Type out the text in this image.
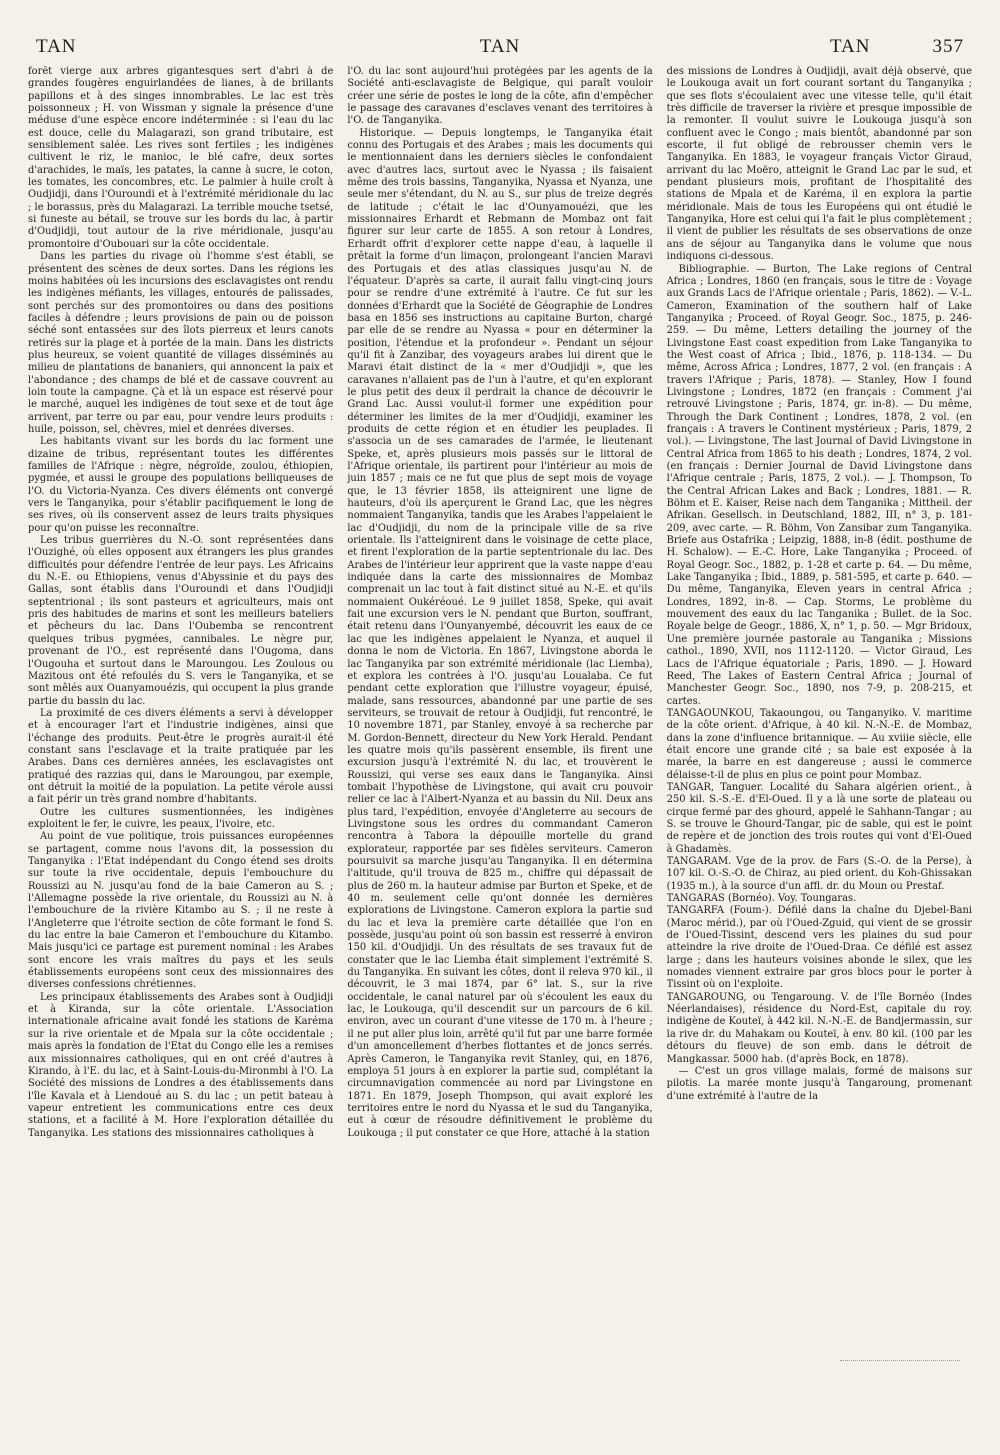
TAN	TAN	TAN	357

forêt vierge aux arbres gigantesques sert d'abri à de grandes fougères enguirlandées de lianes, à de brillants papillons et à des singes innombrables. Le lac est très poissonneux ; H. von Wissman y signale la présence d'une méduse d'une espèce encore indéterminée : si l'eau du lac est douce, celle du Malagarazi, son grand tributaire, est sensiblement salée. Les rives sont fertiles ; les indigènes cultivent le riz, le manioc, le blé cafre, deux sortes d'arachides, le maïs, les patates, la canne à sucre, le coton, les tomates, les concombres, etc. Le palmier à huile croît à Oudjidji, dans l'Ouroundi et à l'extrémité méridionale du lac ; le borassus, près du Malagarazi. La terrible mouche tsetsé, si funeste au bétail, se trouve sur les bords du lac, à partir d'Oudjidji, tout autour de la rive méridionale, jusqu'au promontoire d'Oubouari sur la côte occidentale.

Dans les parties du rivage où l'homme s'est établi, se présentent des scènes de deux sortes. Dans les régions les moins habitées où les incursions des esclavagistes ont rendu les indigènes méfiants, les villages, entourés de palissades, sont perchés sur des promontoires ou dans des positions faciles à défendre ; leurs provisions de pain ou de poisson séché sont entassées sur des îlots pierreux et leurs canots retirés sur la plage et à portée de la main. Dans les districts plus heureux, se voient quantité de villages disséminés au milieu de plantations de bananiers, qui annoncent la paix et l'abondance ; des champs de blé et de cassave couvrent au loin toute la campagne. Çà et là un espace est réservé pour le marché, auquel les indigènes de tout sexe et de tout âge arrivent, par terre ou par eau, pour vendre leurs produits : huile, poisson, sel, chèvres, miel et denrées diverses.

Les habitants vivant sur les bords du lac forment une dizaine de tribus, représentant toutes les différentes familles de l'Afrique : nègre, négroïde, zoulou, éthiopien, pygmée, et aussi le groupe des populations belliqueuses de l'O. du Victoria-Nyanza. Ces divers éléments ont convergé vers le Tanganyika, pour s'établir pacifiquement le long de ses rives, où ils conservent assez de leurs traits physiques pour qu'on puisse les reconnaître.

Les tribus guerrières du N.-O. sont représentées dans l'Ouzighé, où elles opposent aux étrangers les plus grandes difficultés pour défendre l'entrée de leur pays. Les Africains du N.-E. ou Ethiopiens, venus d'Abyssinie et du pays des Gallas, sont établis dans l'Ouroundi et dans l'Oudjidji septentrional ; ils sont pasteurs et agriculteurs, mais ont pris des habitudes de marins et sont les meilleurs bateliers et pêcheurs du lac. Dans l'Oubemba se rencontrent quelques tribus pygmées, cannibales. Le nègre pur, provenant de l'O., est représenté dans l'Ougoma, dans l'Ougouha et surtout dans le Maroungou. Les Zoulous ou Mazitous ont été refoulés du S. vers le Tanganyika, et se sont mêlés aux Ouanyamouézis, qui occupent la plus grande partie du bassin du lac.

La proximité de ces divers éléments a servi à développer et à encourager l'art et l'industrie indigènes, ainsi que l'échange des produits. Peut-être le progrès aurait-il été constant sans l'esclavage et la traite pratiquée par les Arabes. Dans ces dernières années, les esclavagistes ont pratiqué des razzias qui, dans le Maroungou, par exemple, ont détruit la moitié de la population. La petite vérole aussi a fait périr un très grand nombre d'habitants.

Outre les cultures susmentionnées, les indigènes exploitent le fer, le cuivre, les peaux, l'ivoire, etc.

Au point de vue politique, trois puissances européennes se partagent, comme nous l'avons dit, la possession du Tanganyika : l'Etat indépendant du Congo étend ses droits sur toute la rive occidentale, depuis l'embouchure du Roussizi au N. jusqu'au fond de la baie Cameron au S. ; l'Allemagne possède la rive orientale, du Roussizi au N. à l'embouchure de la rivière Kitambo au S. ; il ne reste à l'Angleterre que l'étroite section de côte formant le fond S. du lac entre la baie Cameron et l'embouchure du Kitambo. Mais jusqu'ici ce partage est purement nominal : les Arabes sont encore les vrais maîtres du pays et les seuls établissements européens sont ceux des missionnaires des diverses confessions chrétiennes.

Les principaux établissements des Arabes sont à Oudjidji et à Kiranda, sur la côte orientale. L'Association internationale africaine avait fondé les stations de Karéma sur la rive orientale et de Mpala sur la côte occidentale ; mais après la fondation de l'Etat du Congo elle les a remises aux missionnaires catholiques, qui en ont créé d'autres à Kirando, à l'E. du lac, et à Saint-Louis-du-Mironmbi à l'O. La Société des missions de Londres a des établissements dans l'île Kavala et à Liendoué au S. du lac ; un petit bateau à vapeur entretient les communications entre ces deux stations, et a facilité à M. Hore l'exploration détaillée du Tanganyika. Les stations des missionnaires catholiques à

l'O. du lac sont aujourd'hui protégées par les agents de la Société anti-esclavagiste de Belgique, qui paraît vouloir créer une série de postes le long de la côte, afin d'empêcher le passage des caravanes d'esclaves venant des territoires à l'O. de Tanganyika.

Historique. — Depuis longtemps, le Tanganyika était connu des Portugais et des Arabes ; mais les documents qui le mentionnaient dans les derniers siècles le confondaient avec d'autres lacs, surtout avec le Nyassa ; ils faisaient même des trois bassins, Tanganyika, Nyassa et Nyanza, une seule mer s'étendant, du N. au S., sur plus de treize degrés de latitude ; c'était le lac d'Ounyamouézi, que les missionnaires Erhardt et Rebmann de Mombaz ont fait figurer sur leur carte de 1855. A son retour à Londres, Erhardt offrit d'explorer cette nappe d'eau, à laquelle il prêtait la forme d'un limaçon, prolongeant l'ancien Maravi des Portugais et des atlas classiques jusqu'au N. de l'équateur. D'après sa carte, il aurait fallu vingt-cinq jours pour se rendre d'une extrémité à l'autre. Ce fut sur les données d'Erhardt que la Société de Géographie de Londres basa en 1856 ses instructions au capitaine Burton, chargé par elle de se rendre au Nyassa « pour en déterminer la position, l'étendue et la profondeur ». Pendant un séjour qu'il fit à Zanzibar, des voyageurs arabes lui dirent que le Maravi était distinct de la « mer d'Oudjidji », que les caravanes n'allaient pas de l'un à l'autre, et qu'en explorant le plus petit des deux il perdrait la chance de découvrir le Grand Lac. Aussi voulut-il former une expédition pour déterminer les limites de la mer d'Oudjidji, examiner les produits de cette région et en étudier les peuplades. Il s'associa un de ses camarades de l'armée, le lieutenant Speke, et, après plusieurs mois passés sur le littoral de l'Afrique orientale, ils partirent pour l'intérieur au mois de juin 1857 ; mais ce ne fut que plus de sept mois de voyage que, le 13 février 1858, ils atteignirent une ligne de hauteurs, d'où ils aperçurent le Grand Lac, que les nègres nommaient Tanganyika, tandis que les Arabes l'appelaient le lac d'Oudjidji, du nom de la principale ville de sa rive orientale. Ils l'atteignirent dans le voisinage de cette place, et firent l'exploration de la partie septentrionale du lac. Des Arabes de l'intérieur leur apprirent que la vaste nappe d'eau indiquée dans la carte des missionnaires de Mombaz comprenait un lac tout à fait distinct situé au N.-E. et qu'ils nommaient Oukéréoué. Le 9 juillet 1858, Speke, qui avait fait une excursion vers le N. pendant que Burton, souffrant, était retenu dans l'Ounyanyembé, découvrit les eaux de ce lac que les indigènes appelaient le Nyanza, et auquel il donna le nom de Victoria. En 1867, Livingstone aborda le lac Tanganyika par son extrémité méridionale (lac Liemba), et explora les contrées à l'O. jusqu'au Loualaba. Ce fut pendant cette exploration que l'illustre voyageur, épuisé, malade, sans ressources, abandonné par une partie de ses serviteurs, se trouvait de retour à Oudjidji, fut rencontré, le 10 novembre 1871, par Stanley, envoyé à sa recherche par M. Gordon-Bennett, directeur du New York Herald. Pendant les quatre mois qu'ils passèrent ensemble, ils firent une excursion jusqu'à l'extrémité N. du lac, et trouvèrent le Roussizi, qui verse ses eaux dans le Tanganyika. Ainsi tombait l'hypothèse de Livingstone, qui avait cru pouvoir relier ce lac à l'Albert-Nyanza et au bassin du Nil. Deux ans plus tard, l'expédition, envoyée d'Angleterre au secours de Livingstone sous les ordres du commandant Cameron rencontra à Tabora la dépouille mortelle du grand explorateur, rapportée par ses fidèles serviteurs. Cameron poursuivit sa marche jusqu'au Tanganyika. Il en détermina l'altitude, qu'il trouva de 825 m., chiffre qui dépassait de plus de 260 m. la hauteur admise par Burton et Speke, et de 40 m. seulement celle qu'ont donnée les dernières explorations de Livingstone. Cameron explora la partie sud du lac et leva la première carte détaillée que l'on en possède, jusqu'au point où son bassin est resserré à environ 150 kil. d'Oudjidji. Un des résultats de ses travaux fut de constater que le lac Liemba était simplement l'extrémité S. du Tanganyika. En suivant les côtes, dont il releva 970 kil., il découvrit, le 3 mai 1874, par 6° lat. S., sur la rive occidentale, le canal naturel par où s'écoulent les eaux du lac, le Loukouga, qu'il descendit sur un parcours de 6 kil. environ, avec un courant d'une vitesse de 170 m. à l'heure ; il ne put aller plus loin, arrêté qu'il fut par une barre formée d'un amoncellement d'herbes flottantes et de joncs serrés. Après Cameron, le Tanganyika revit Stanley, qui, en 1876, employa 51 jours à en explorer la partie sud, complétant la circumnavigation commencée au nord par Livingstone en 1871. En 1879, Joseph Thompson, qui avait exploré les territoires entre le nord du Nyassa et le sud du Tanganyika, eut à cœur de résoudre définitivement le problème du Loukouga ; il put constater ce que Hore, attaché à la station

des missions de Londres à Oudjidji, avait déjà observé, que le Loukouga avait un fort courant sortant du Tanganyika ; que ses flots s'écoulaient avec une vitesse telle, qu'il était très difficile de traverser la rivière et presque impossible de la remonter. Il voulut suivre le Loukouga jusqu'à son confluent avec le Congo ; mais bientôt, abandonné par son escorte, il fut obligé de rebrousser chemin vers le Tanganyika. En 1883, le voyageur français Victor Giraud, arrivant du lac Moëro, atteignit le Grand Lac par le sud, et pendant plusieurs mois, profitant de l'hospitalité des stations de Mpala et de Karéma, il en explora la partie méridionale. Mais de tous les Européens qui ont étudié le Tanganyika, Hore est celui qui l'a fait le plus complètement ; il vient de publier les résultats de ses observations de onze ans de séjour au Tanganyika dans le volume que nous indiquons ci-dessous.

Bibliographie. — Burton, The Lake regions of Central Africa ; Londres, 1860 (en français, sous le titre de : Voyage aux Grands Lacs de l'Afrique orientale ; Paris, 1862). — V.-L. Cameron, Examination of the southern half of Lake Tanganyika ; Proceed. of Royal Geogr. Soc., 1875, p. 246-259. — Du même, Letters detailing the journey of the Livingstone East coast expedition from Lake Tanganyika to the West coast of Africa ; Ibid., 1876, p. 118-134. — Du même, Across Africa ; Londres, 1877, 2 vol. (en français : A travers l'Afrique ; Paris, 1878). — Stanley, How I found Livingstone ; Londres, 1872 (en français : Comment j'ai retrouvé Livingstone ; Paris, 1874, gr. in-8). — Du même, Through the Dark Continent ; Londres, 1878, 2 vol. (en français : A travers le Continent mystérieux ; Paris, 1879, 2 vol.). — Livingstone, The last Journal of David Livingstone in Central Africa from 1865 to his death ; Londres, 1874, 2 vol. (en français : Dernier Journal de David Livingstone dans l'Afrique centrale ; Paris, 1875, 2 vol.). — J. Thompson, To the Central African Lakes and Back ; Londres, 1881. — R. Böhm et E. Kaiser, Reise nach dem Tanganika ; Mittheil. der Afrikan. Gesellsch. in Deutschland, 1882, III, n° 3, p. 181-209, avec carte. — R. Böhm, Von Zansibar zum Tanganyika. Briefe aus Ostafrika ; Leipzig, 1888, in-8 (édit. posthume de H. Schalow). — E.-C. Hore, Lake Tanganyika ; Proceed. of Royal Geogr. Soc., 1882, p. 1-28 et carte p. 64. — Du même, Lake Tanganyika ; Ibid., 1889, p. 581-595, et carte p. 640. — Du même, Tanganyika, Eleven years in central Africa ; Londres, 1892, in-8. — Cap. Storms, Le problème du mouvement des eaux du lac Tanganika ; Bullet. de la Soc. Royale belge de Geogr., 1886, X, n° 1, p. 50. — Mgr Bridoux, Une première journée pastorale au Tanganika ; Missions cathol., 1890, XVII, nos 1112-1120. — Victor Giraud, Les Lacs de l'Afrique équatoriale ; Paris, 1890. — J. Howard Reed, The Lakes of Eastern Central Africa ; Journal of Manchester Geogr. Soc., 1890, nos 7-9, p. 208-215, et cartes.

TANGAOUNKOU, Takaoungou, ou Tanganyiko. V. maritime de la côte orient. d'Afrique, à 40 kil. N.-N.-E. de Mombaz, dans la zone d'influence britannique. — Au xviiie siècle, elle était encore une grande cité ; sa baie est exposée à la marée, la barre en est dangereuse ; aussi le commerce délaisse-t-il de plus en plus ce point pour Mombaz.

TANGAR, Tanguer. Localité du Sahara algérien orient., à 250 kil. S.-S.-E. d'El-Oued. Il y a là une sorte de plateau ou cirque fermé par des ghourd, appelé le Sahhann-Tangar ; au S. se trouve le Ghourd-Tangar, pic de sable, qui est le point de repère et de jonction des trois routes qui vont d'El-Oued à Ghadamès.

TANGARAM. Vge de la prov. de Fars (S.-O. de la Perse), à 107 kil. O.-S.-O. de Chiraz, au pied orient. du Koh-Ghissakan (1935 m.), à la source d'un affl. dr. du Moun ou Prestaf.

TANGARAS (Bornéo). Voy. Toungaras.

TANGARFA (Foum-). Défilé dans la chaîne du Djebel-Bani (Maroc mérid.), par où l'Oued-Zguid, qui vient de se grossir de l'Oued-Tissint, descend vers les plaines du sud pour atteindre la rive droite de l'Oued-Draa. Ce défilé est assez large ; dans les hauteurs voisines abonde le silex, que les nomades viennent extraire par gros blocs pour le porter à Tissint où on l'exploite.

TANGAROUNG, ou Tengaroung. V. de l'île Bornéo (Indes Néerlandaises), résidence du Nord-Est, capitale du roy. indigène de Kouteï, à 442 kil. N.-N.-E. de Bandjermassin, sur la rive dr. du Mahakam ou Kouteï, à env. 80 kil. (100 par les détours du fleuve) de son emb. dans le détroit de Mangkassar. 5000 hab. (d'après Bock, en 1878).

— C'est un gros village malais, formé de maisons sur pilotis. La marée monte jusqu'à Tangaroung, promenant d'une extrémité à l'autre de la
